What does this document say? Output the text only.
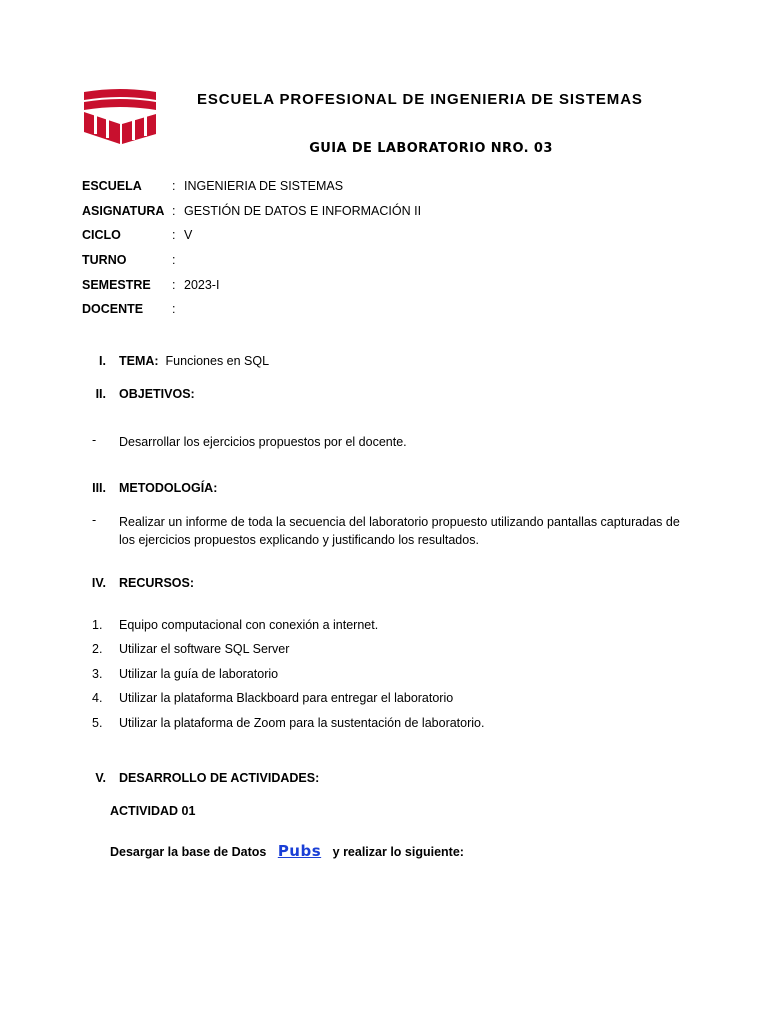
ESCUELA PROFESIONAL DE INGENIERIA DE SISTEMAS
GUIA DE LABORATORIO NRO. 03
ESCUELA	: INGENIERIA DE SISTEMAS
ASIGNATURA : GESTIÓN DE DATOS E INFORMACIÓN II
CICLO	: V
TURNO	:
SEMESTRE	: 2023-I
DOCENTE	:
I. TEMA: Funciones en SQL
II. OBJETIVOS:
- Desarrollar los ejercicios propuestos por el docente.
III. METODOLOGÍA:
- Realizar un informe de toda la secuencia del laboratorio propuesto utilizando pantallas capturadas de los ejercicios propuestos explicando y justificando los resultados.
IV. RECURSOS:
1.	Equipo computacional con conexión a internet.
2.	Utilizar el software SQL Server
3.	Utilizar la guía de laboratorio
4.	Utilizar la plataforma Blackboard para entregar el laboratorio
5.	Utilizar la plataforma de Zoom para la sustentación de laboratorio.
V. DESARROLLO DE ACTIVIDADES:
ACTIVIDAD 01
Desargar la base de Datos Pubs y realizar lo siguiente:
